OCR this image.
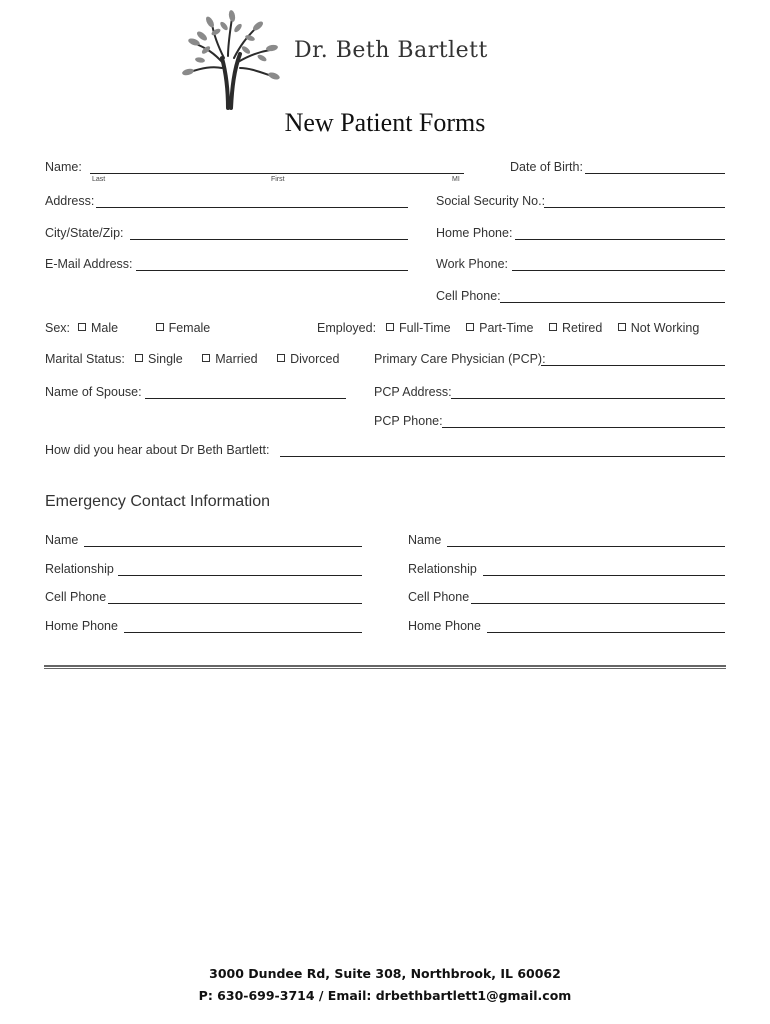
Dr. Beth Bartlett
New Patient Forms
Name:
Last	First	MI
Date of Birth:
Address:	Social Security No.:
City/State/Zip:	Home Phone:
E-Mail Address:	Work Phone:
Cell Phone:
Sex:	Male	Female	Employed:	Full-Time Part-Time Retired Not Working
Marital Status:	Single	Married	Divorced	Primary Care Physician (PCP):
Name of Spouse:	PCP Address:
PCP Phone:
How did you hear about Dr Beth Bartlett:
Emergency Contact Information
Name
Relationship
Cell Phone
Home Phone
Name
Relationship
Cell Phone
Home Phone
3000 Dundee Rd, Suite 308, Northbrook, IL 60062
P: 630-699-3714 / Email: drbethbartlett1@gmail.com
